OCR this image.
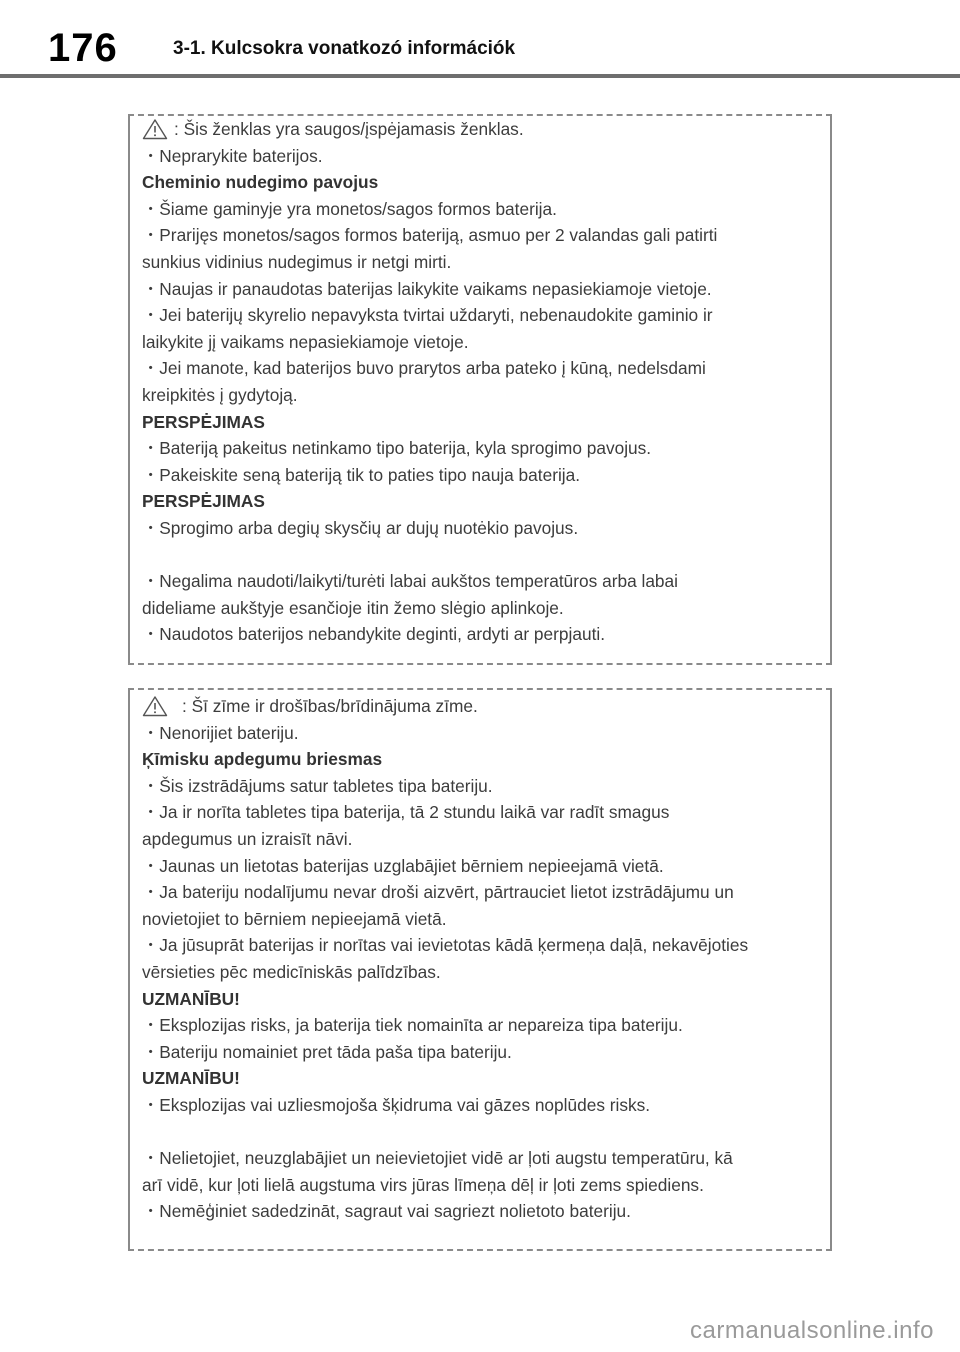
176	3-1. Kulcsokra vonatkozó információk
: Šis ženklas yra saugos/įspėjamasis ženklas.
・Neprarykite baterijos.
Cheminio nudegimo pavojus
・Šiame gaminyje yra monetos/sagos formos baterija.
・Prarijęs monetos/sagos formos bateriją, asmuo per 2 valandas gali patirti
sunkius vidinius nudegimus ir netgi mirti.
・Naujas ir panaudotas baterijas laikykite vaikams nepasiekiamoje vietoje.
・Jei baterijų skyrelio nepavyksta tvirtai uždaryti, nebenaudokite gaminio ir
laikykite jį vaikams nepasiekiamoje vietoje.
・Jei manote, kad baterijos buvo prarytos arba pateko į kūną, nedelsdami
kreipkitės į gydytoją.
PERSPĖJIMAS
・Bateriją pakeitus netinkamo tipo baterija, kyla sprogimo pavojus.
・Pakeiskite seną bateriją tik to paties tipo nauja baterija.
PERSPĖJIMAS
・Sprogimo arba degių skysčių ar dujų nuotėkio pavojus.
・Negalima naudoti/laikyti/turėti labai aukštos temperatūros arba labai
dideliame aukštyje esančioje itin žemo slėgio aplinkoje.
・Naudotos baterijos nebandykite deginti, ardyti ar perpjauti.
: Šī zīme ir drošības/brīdinājuma zīme.
・Nenorijiet bateriju.
Ķīmisku apdegumu briesmas
・Šis izstrādājums satur tabletes tipa bateriju.
・Ja ir norīta tabletes tipa baterija, tā 2 stundu laikā var radīt smagus
apdegumus un izraisīt nāvi.
・Jaunas un lietotas baterijas uzglabājiet bērniem nepieejamā vietā.
・Ja bateriju nodalījumu nevar droši aizvērt, pārtrauciet lietot izstrādājumu un
novietojiet to bērniem nepieejamā vietā.
・Ja jūsuprāt baterijas ir norītas vai ievietotas kādā ķermeņa daļā, nekavējoties
vērsieties pēc medicīniskās palīdzības.
UZMANĪBU!
・Eksplozijas risks, ja baterija tiek nomainīta ar nepareiza tipa bateriju.
・Bateriju nomainiet pret tāda paša tipa bateriju.
UZMANĪBU!
・Eksplozijas vai uzliesmojoša šķidruma vai gāzes noplūdes risks.
・Nelietojiet, neuzglabājiet un neievietojiet vidē ar ļoti augstu temperatūru, kā
arī vidē, kur ļoti lielā augstuma virs jūras līmeņa dēļ ir ļoti zems spiediens.
・Nemēģiniet sadedzināt, sagraut vai sagriezt nolietoto bateriju.
carmanualsonline.info
